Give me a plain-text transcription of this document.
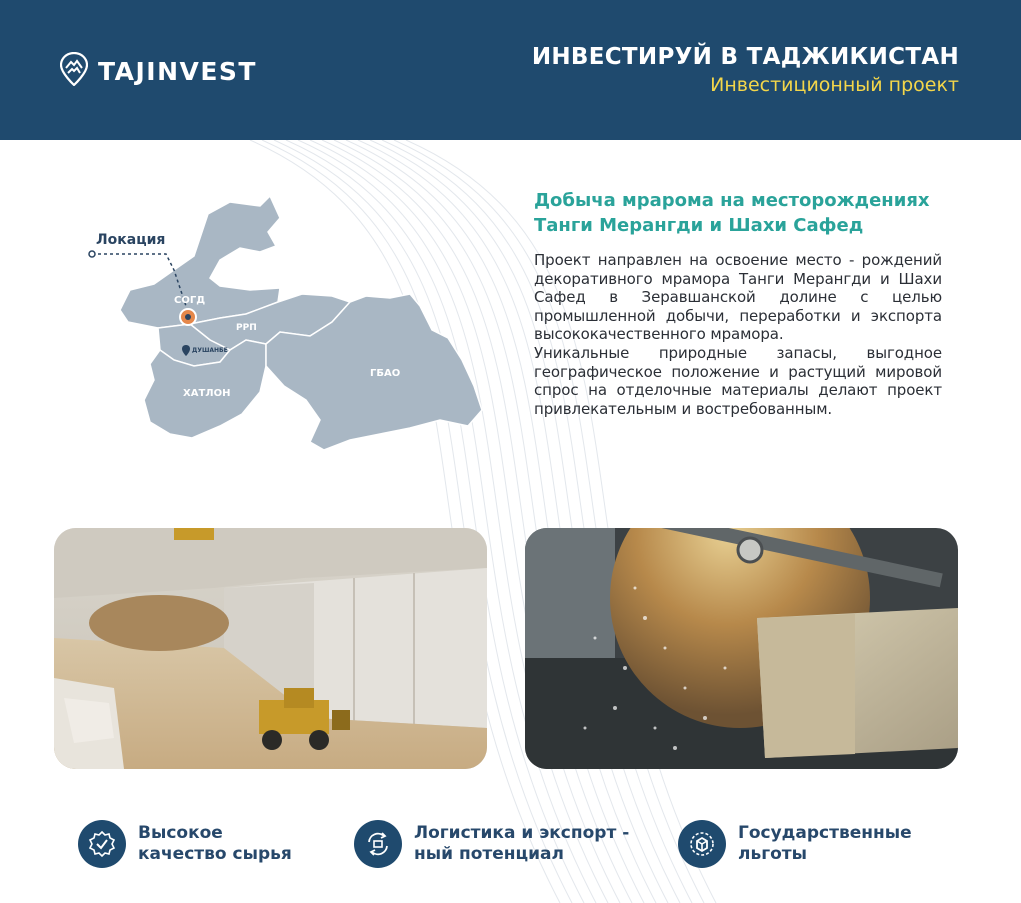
TAJINVEST	ИНВЕСТИРУЙ В ТАДЖИКИСТАН
Инвестиционный проект
СОГД
РРП
ДУШАНБЕ
ХАТЛОН
ГБАО
Локация
Добыча мрарома на месторождениях Танги Мерангди и Шахи Сафед

Проект направлен на освоение место - рождений декоративного мрамора Танги Мерангди и Шахи Сафед в Зеравшанской долине с целью промышленной добычи, переработки и экспорта высококачественного мрамора.

Уникальные природные запасы, выгодное географическое положение и растущий мировой спрос на отделочные материалы делают проект привлекательным и востребованным.

Высокое
качество сырья
Логистика и экспорт -
ный потенциал
Государственные
льготы
